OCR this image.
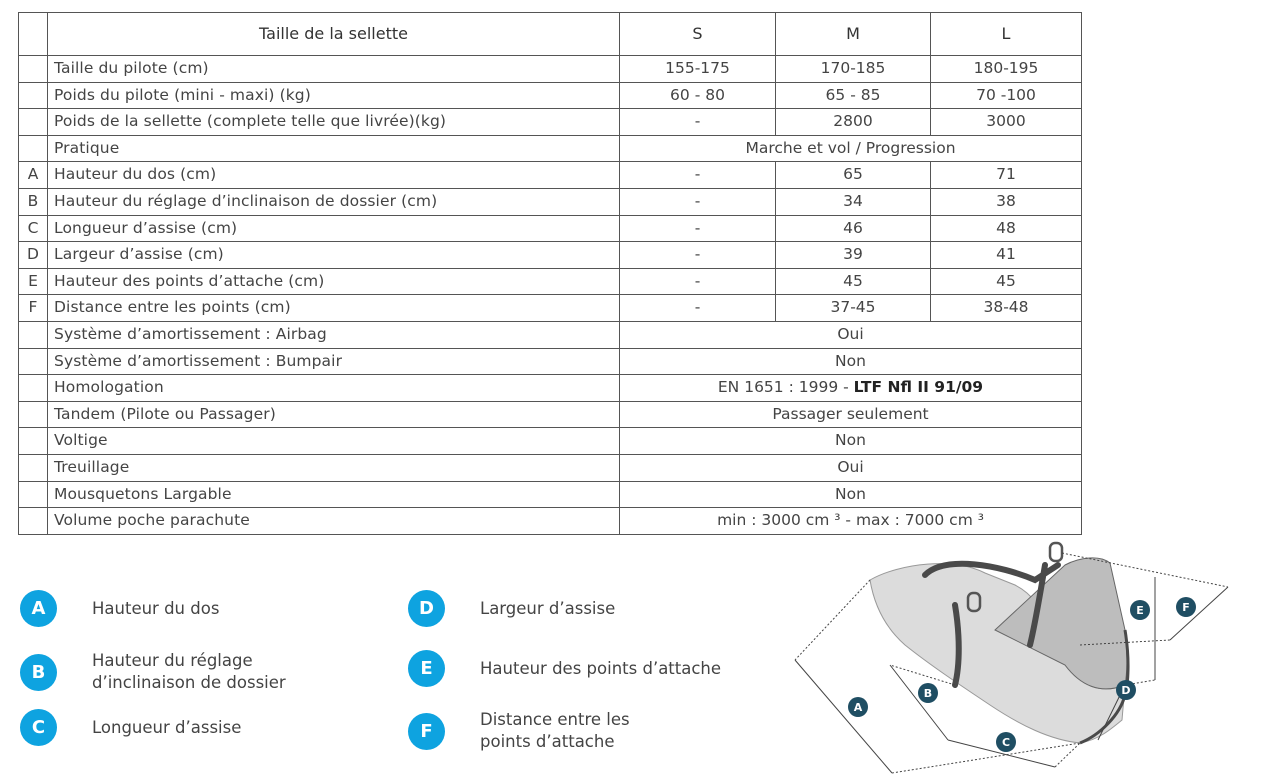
	Taille de la sellette	S	M	L
	Taille du pilote (cm)	155-175	170-185	180-195
	Poids du pilote (mini - maxi) (kg)	60 - 80	65 - 85	70 -100
	Poids de la sellette (complete telle que livrée)(kg)	-	2800	3000
	Pratique	Marche et vol / Progression		
A	Hauteur du dos (cm)	-	65	71
B	Hauteur du réglage d’inclinaison de dossier (cm)	-	34	38
C	Longueur d’assise (cm)	-	46	48
D	Largeur d’assise (cm)	-	39	41
E	Hauteur des points d’attache (cm)	-	45	45
F	Distance entre les points (cm)	-	37-45	38-48
	Système d’amortissement : Airbag	Oui		
	Système d’amortissement : Bumpair	Non		
	Homologation	EN 1651 : 1999 - LTF Nfl II 91/09		
	Tandem (Pilote ou Passager)	Passager seulement		
	Voltige	Non		
	Treuillage	Oui		
	Mousquetons Largable	Non		
	Volume poche parachute	min : 3000 cm ³ - max : 7000 cm ³		
A	Hauteur du dos
B
Hauteur du réglage
d’inclinaison de dossier
C	Longueur d’assise
D	Largeur d’assise
E	Hauteur des points d’attache
F
Distance entre les
points d’attache
A
B
C
D
E	F
